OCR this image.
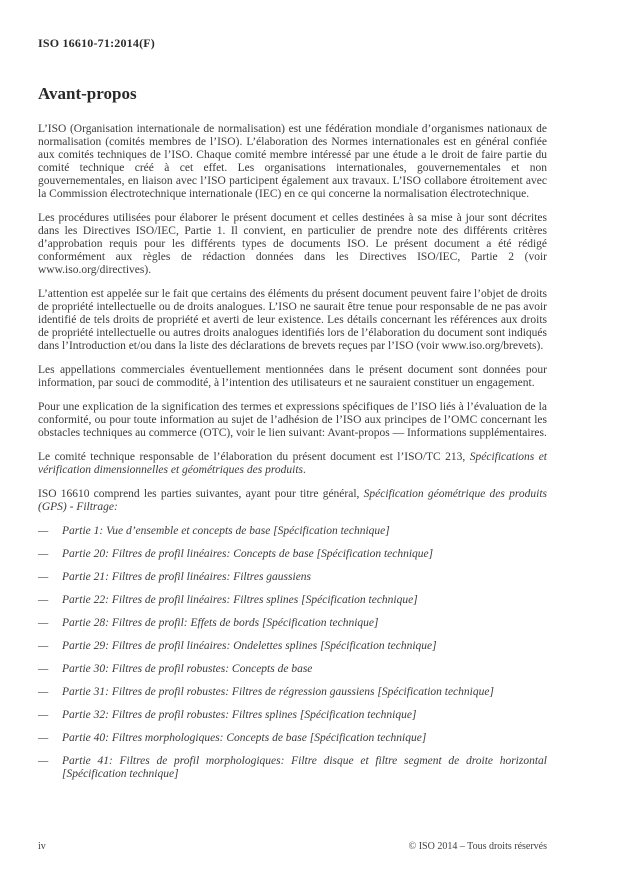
ISO 16610-71:2014(F)
Avant-propos

L’ISO (Organisation internationale de normalisation) est une fédération mondiale d’organismes nationaux de normalisation (comités membres de l’ISO). L’élaboration des Normes internationales est en général confiée aux comités techniques de l’ISO. Chaque comité membre intéressé par une étude a le droit de faire partie du comité technique créé à cet effet. Les organisations internationales, gouvernementales et non gouvernementales, en liaison avec l’ISO participent également aux travaux. L’ISO collabore étroitement avec la Commission électrotechnique internationale (IEC) en ce qui concerne la normalisation électrotechnique.

Les procédures utilisées pour élaborer le présent document et celles destinées à sa mise à jour sont décrites dans les Directives ISO/IEC, Partie 1. Il convient, en particulier de prendre note des différents critères d’approbation requis pour les différents types de documents ISO. Le présent document a été rédigé conformément aux règles de rédaction données dans les Directives ISO/IEC, Partie 2 (voir www.iso.org/directives).

L’attention est appelée sur le fait que certains des éléments du présent document peuvent faire l’objet de droits de propriété intellectuelle ou de droits analogues. L’ISO ne saurait être tenue pour responsable de ne pas avoir identifié de tels droits de propriété et averti de leur existence. Les détails concernant les références aux droits de propriété intellectuelle ou autres droits analogues identifiés lors de l’élaboration du document sont indiqués dans l’Introduction et/ou dans la liste des déclarations de brevets reçues par l’ISO (voir www.iso.org/brevets).

Les appellations commerciales éventuellement mentionnées dans le présent document sont données pour information, par souci de commodité, à l’intention des utilisateurs et ne sauraient constituer un engagement.

Pour une explication de la signification des termes et expressions spécifiques de l’ISO liés à l’évaluation de la conformité, ou pour toute information au sujet de l’adhésion de l’ISO aux principes de l’OMC concernant les obstacles techniques au commerce (OTC), voir le lien suivant: Avant-propos — Informations supplémentaires.

Le comité technique responsable de l’élaboration du présent document est l’ISO/TC 213, Spécifications et vérification dimensionnelles et géométriques des produits.

ISO 16610 comprend les parties suivantes, ayant pour titre général, Spécification géométrique des produits (GPS) - Filtrage:

—	Partie 1: Vue d’ensemble et concepts de base [Spécification technique]
—	Partie 20: Filtres de profil linéaires: Concepts de base [Spécification technique]
—	Partie 21: Filtres de profil linéaires: Filtres gaussiens
—	Partie 22: Filtres de profil linéaires: Filtres splines [Spécification technique]
—	Partie 28: Filtres de profil: Effets de bords [Spécification technique]
—	Partie 29: Filtres de profil linéaires: Ondelettes splines [Spécification technique]
—	Partie 30: Filtres de profil robustes: Concepts de base
—	Partie 31: Filtres de profil robustes: Filtres de régression gaussiens [Spécification technique]
—	Partie 32: Filtres de profil robustes: Filtres splines [Spécification technique]
—	Partie 40: Filtres morphologiques: Concepts de base [Spécification technique]
—	Partie 41: Filtres de profil morphologiques: Filtre disque et filtre segment de droite horizontal [Spécification technique]
iv	© ISO 2014 – Tous droits réservés
